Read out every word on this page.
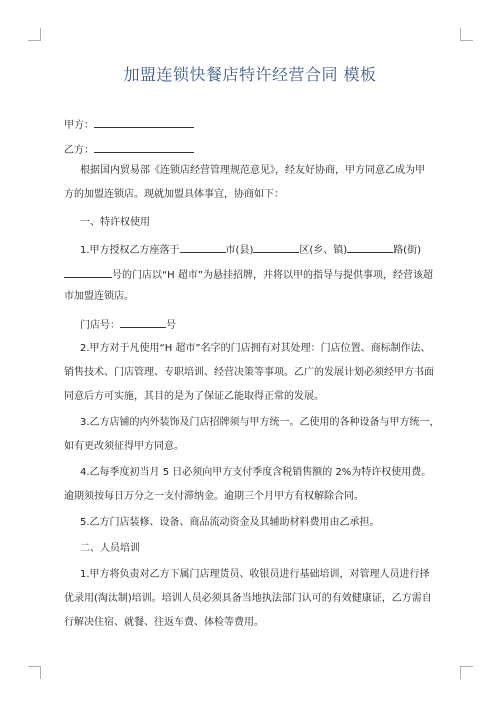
加盟连锁快餐店特许经营合同 模板
甲方：
乙方：
根据国内贸易部《连锁店经营管理规范意见》，经友好协商，甲方同意乙成为甲
方的加盟连锁店。现就加盟具体事宜，协商如下：
一、特许权使用
1.甲方授权乙方座落于	市(县)	区(乡、镇)	路(街)
号的门店以“H 超市”为悬挂招牌，并将以甲的指导与提供事项，经营该超
市加盟连锁店。
门店号：	号
2.甲方对于凡使用“H 超市”名字的门店拥有对其处理：门店位置、商标制作法、
销售技术、门店管理、专职培训、经营决策等事项。乙广的发展计划必须经甲方书面
同意后方可实施，其目的是为了保证乙能取得正常的发展。
3.乙方店铺的内外装饰及门店招牌须与甲方统一。乙使用的各种设备与甲方统一，
如有更改须征得甲方同意。
4.乙每季度初当月 5 日必须向甲方支付季度含税销售额的 2%为特许权使用费。
逾期须按每日万分之一支付滞纳金。逾期三个月甲方有权解除合同。
5.乙方门店装修、设备、商品流动资金及其辅助材料费用由乙承担。
二、人员培训
1.甲方将负责对乙方下属门店理货员、收银员进行基础培训，对管理人员进行择
优录用(淘汰制)培训。培训人员必须具备当地执法部门认可的有效健康证，乙方需自
行解决住宿、就餐、往返车费、体检等费用。
